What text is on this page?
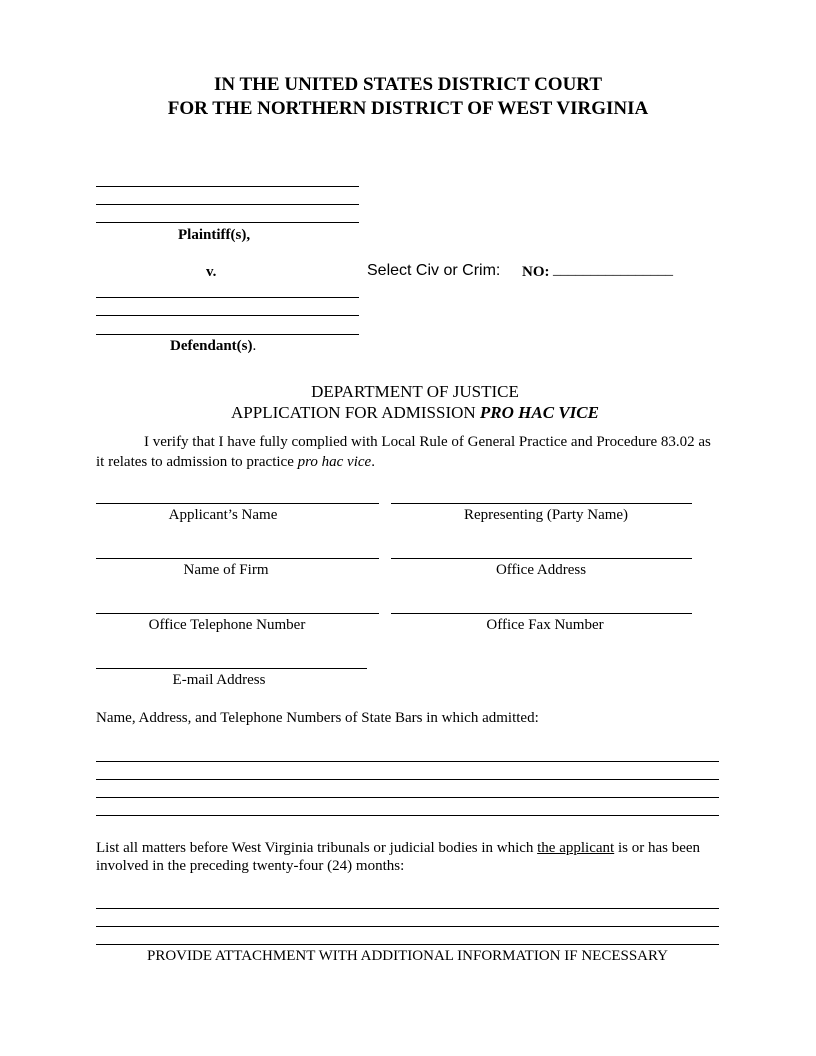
IN THE UNITED STATES DISTRICT COURT
FOR THE NORTHERN DISTRICT OF WEST VIRGINIA
Plaintiff(s),
v.	Select Civ or Crim: NO: ________________
Defendant(s).
DEPARTMENT OF JUSTICE
APPLICATION FOR ADMISSION PRO HAC VICE
I verify that I have fully complied with Local Rule of General Practice and Procedure 83.02 as
it relates to admission to practice pro hac vice.
Applicant’s Name	Representing (Party Name)
Name of Firm	Office Address
Office Telephone Number	Office Fax Number
E-mail Address
Name, Address, and Telephone Numbers of State Bars in which admitted:
List all matters before West Virginia tribunals or judicial bodies in which the applicant is or has been
involved in the preceding twenty-four (24) months:
PROVIDE ATTACHMENT WITH ADDITIONAL INFORMATION IF NECESSARY
